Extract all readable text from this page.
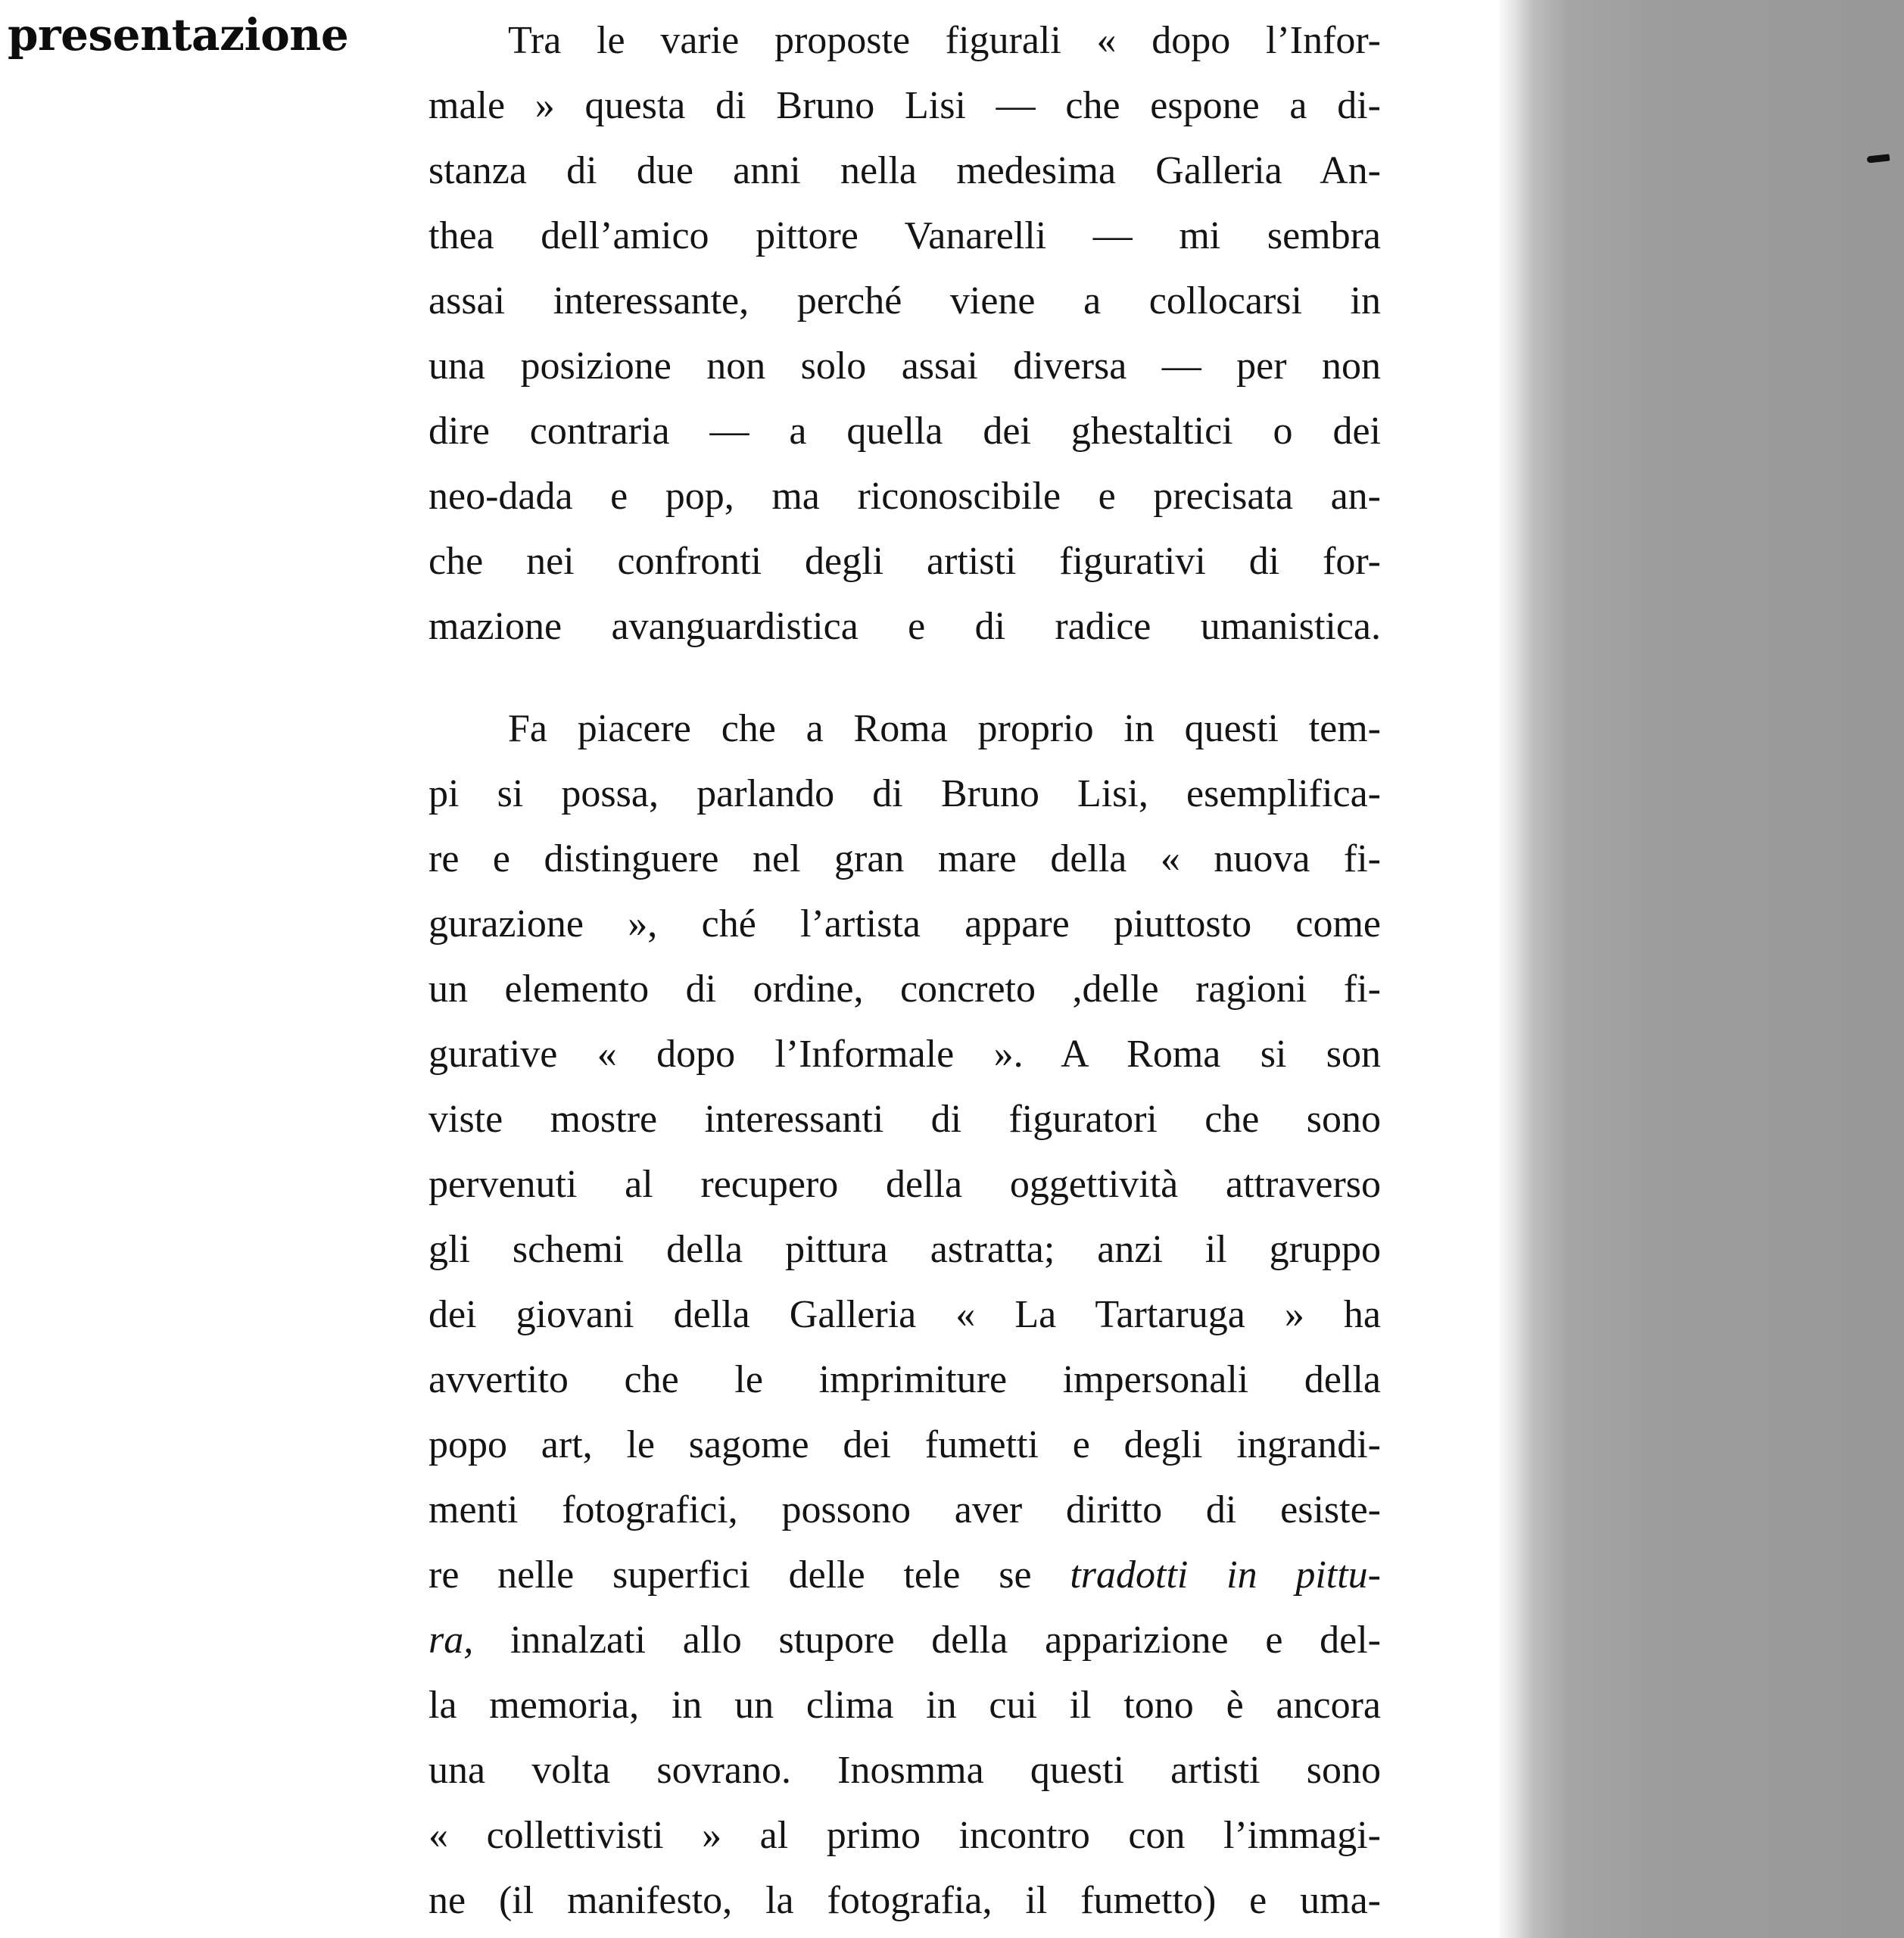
presentazione	Tra le varie proposte figurali « dopo l’Infor-
male » questa di Bruno Lisi — che espone a di-
stanza di due anni nella medesima Galleria An-
thea dell’amico pittore Vanarelli — mi sembra
assai interessante, perché viene a collocarsi in
una posizione non solo assai diversa — per non
dire contraria — a quella dei ghestaltici o dei
neo-dada e pop, ma riconoscibile e precisata an-
che nei confronti degli artisti figurativi di for-
mazione avanguardistica e di radice umanistica.
Fa piacere che a Roma proprio in questi tem-
pi si possa, parlando di Bruno Lisi, esemplifica-
re e distinguere nel gran mare della « nuova fi-
gurazione », ché l’artista appare piuttosto come
un elemento di ordine, concreto ,delle ragioni fi-
gurative « dopo l’Informale ». A Roma si son
viste mostre interessanti di figuratori che sono
pervenuti al recupero della oggettività attraverso
gli schemi della pittura astratta; anzi il gruppo
dei giovani della Galleria « La Tartaruga » ha
avvertito che le imprimiture impersonali della
popo art, le sagome dei fumetti e degli ingrandi-
menti fotografici, possono aver diritto di esiste-
re nelle superfici delle tele se tradotti in pittu-
ra, innalzati allo stupore della apparizione e del-
la memoria, in un clima in cui il tono è ancora
una volta sovrano. Inosmma questi artisti sono
« collettivisti » al primo incontro con l’immagi-
ne (il manifesto, la fotografia, il fumetto) e uma-
